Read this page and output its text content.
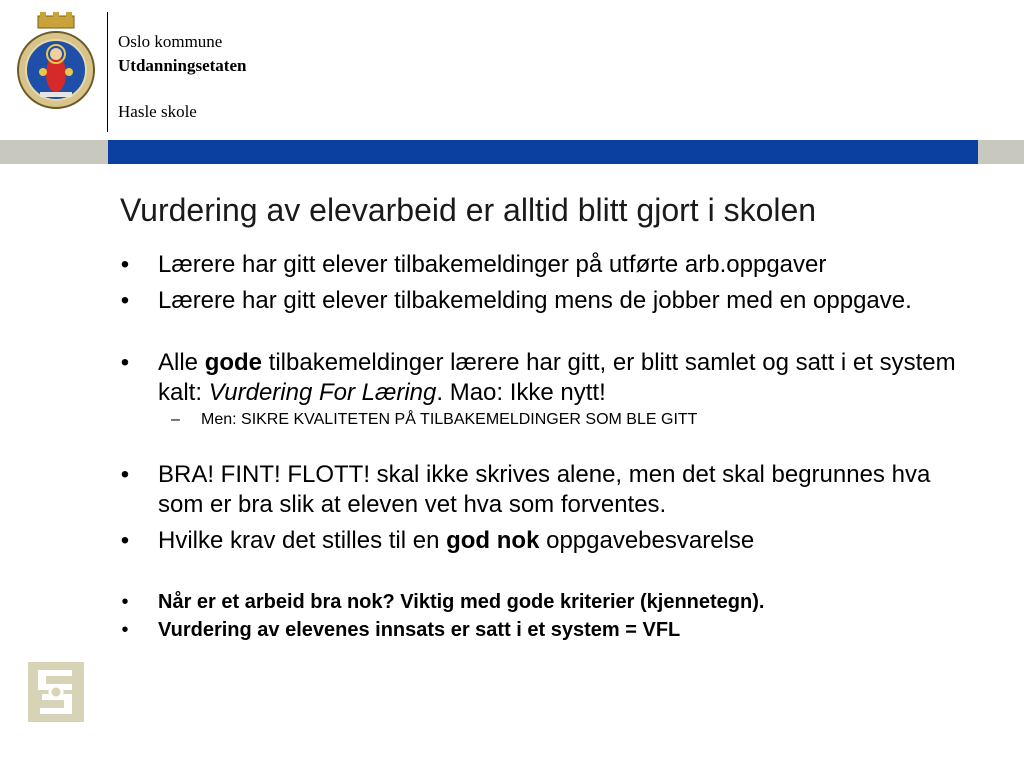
Oslo kommune
Utdanningsetaten
Hasle skole
Vurdering av elevarbeid er alltid blitt gjort i skolen
• Lærere har gitt elever tilbakemeldinger på utførte arb.oppgaver
• Lærere har gitt elever tilbakemelding mens de jobber med en oppgave.
• Alle gode tilbakemeldinger lærere har gitt, er blitt samlet og satt i et system kalt: Vurdering For Læring. Mao: Ikke nytt!
– Men: SIKRE KVALITETEN PÅ TILBAKEMELDINGER SOM BLE GITT
• BRA! FINT! FLOTT! skal ikke skrives alene, men det skal begrunnes hva som er bra slik at eleven vet hva som forventes.
• Hvilke krav det stilles til en god nok oppgavebesvarelse
•	Når er et arbeid bra nok? Viktig med gode kriterier (kjennetegn).
•	Vurdering av elevenes innsats er satt i et system = VFL
